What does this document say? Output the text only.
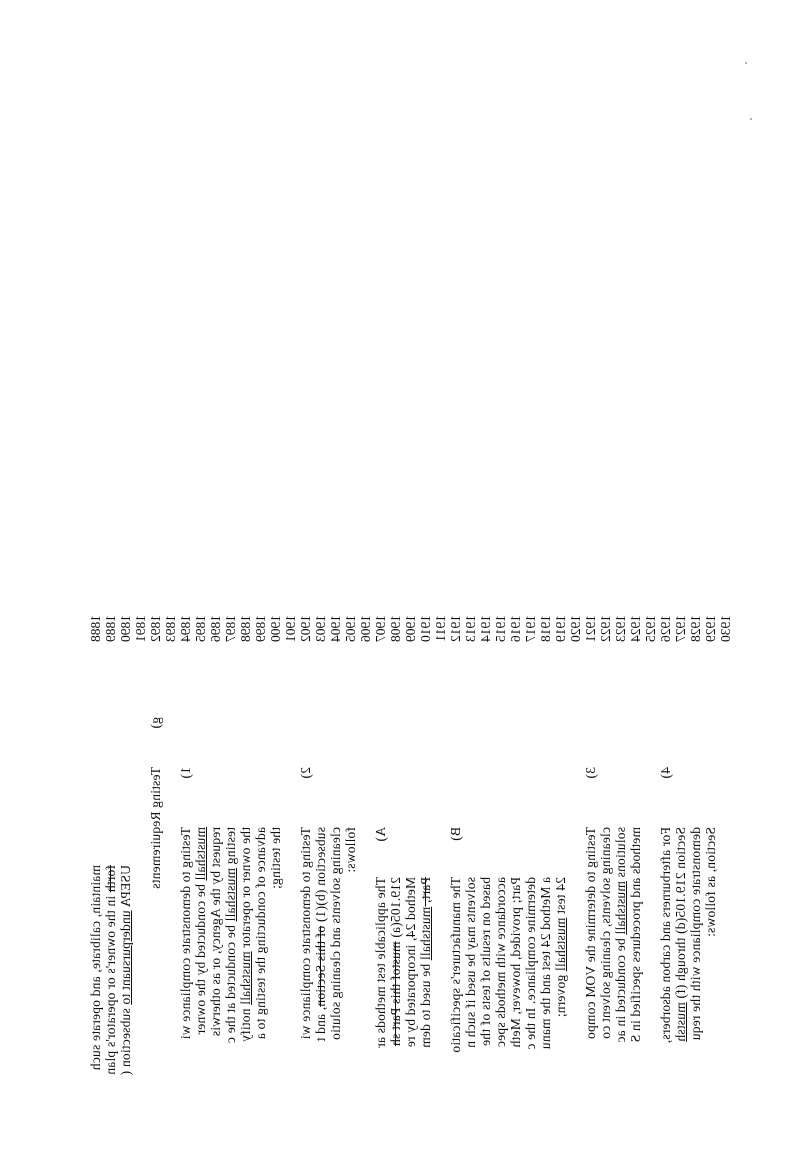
1888 1889 1890 1891 1892 1893 1894 1895 1896 1897 1898 1899 1900 1901 1902 1903 1904 1905 1906 1907 1908 1909 1910 1911 1912 1913 1914 1915 1916 1917 1918 1919 1920 1921 1922 1923 1924 1925 1926 1927 1928 1929 1930
maintain, calibrate, and operate such forth in the owner's or operator's plan
USEPA underpursuant to subsection (
g)
Testing Requirements 1)
Testing to demonstrate compliance wi mustshall be conducted by the owner request by the Agency, or as otherwis testing mustshall be conducted at the c
the owner or operator mustshall notify advance of conducting the testing to a the testing;
2)
Testing to demonstrate compliance wi subsection (b)(1) of this Section, and t cleaning solvents and cleaning solutio follows: A)
The applicable test methods ar 219.105(a) mustof this Part sh Method 24, incorporated by re Part, mustshall be used to dem
B)
The manufacturer's specificatio solvents may be used if such n based on results of tests of the accordance with methods spec Part; provided, however, Meth determine compliance. In the c a Method 24 test and the manu 24 test mustshall govern;
3)
Testing to determine the VOM compo cleaning solvents, cleaning solvent co solutions mustshall be conducted in ac methods and procedures specified in S
4)
For afterburners and carbon adsorbers, Section 219.105(d) through (f) mustsh demonstrate compliance with the requ Section, as follows:
